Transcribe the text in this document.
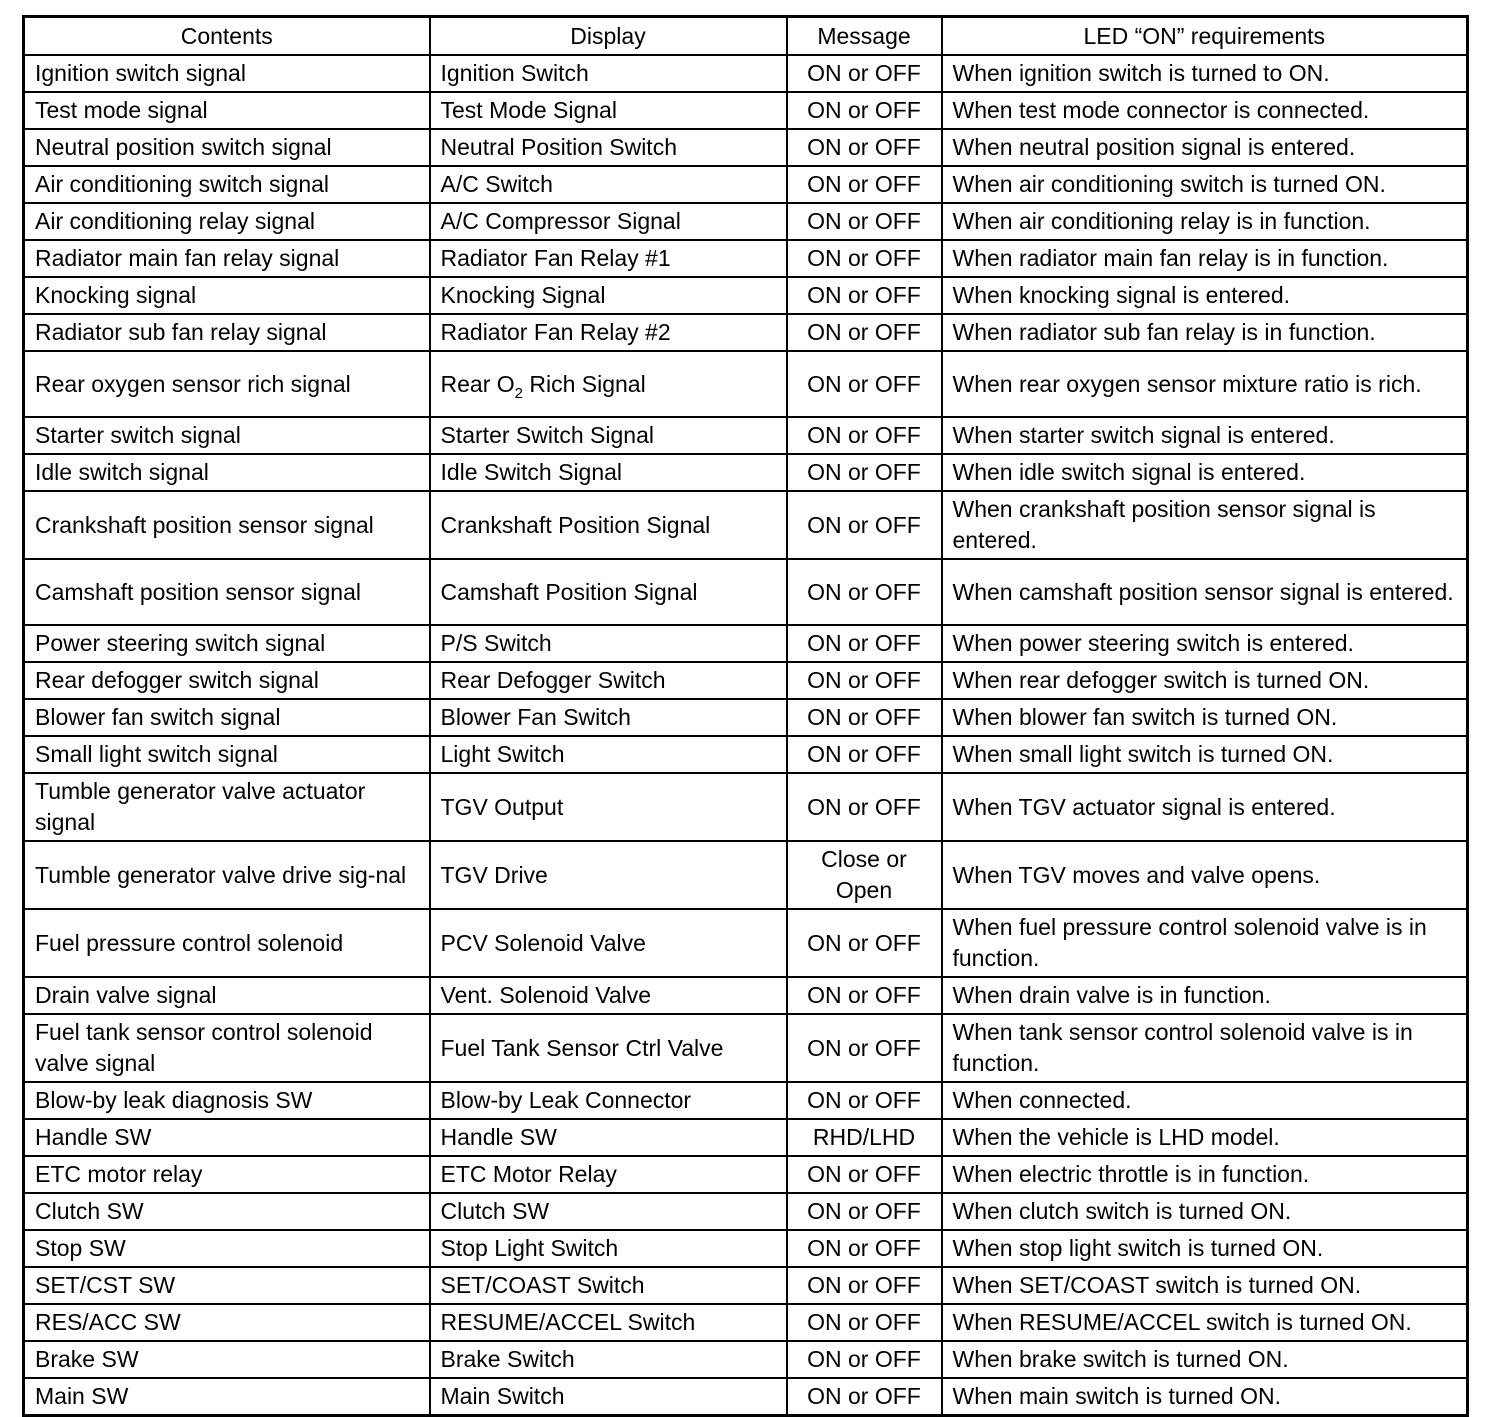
Contents	Display	Message	LED “ON” requirements
Ignition switch signal	Ignition Switch	ON or OFF	When ignition switch is turned to ON.
Test mode signal	Test Mode Signal	ON or OFF	When test mode connector is connected.
Neutral position switch signal	Neutral Position Switch	ON or OFF	When neutral position signal is entered.
Air conditioning switch signal	A/C Switch	ON or OFF	When air conditioning switch is turned ON.
Air conditioning relay signal	A/C Compressor Signal	ON or OFF	When air conditioning relay is in function.
Radiator main fan relay signal	Radiator Fan Relay #1	ON or OFF	When radiator main fan relay is in function.
Knocking signal	Knocking Signal	ON or OFF	When knocking signal is entered.
Radiator sub fan relay signal	Radiator Fan Relay #2	ON or OFF	When radiator sub fan relay is in function.
Rear oxygen sensor rich signal	Rear $O_2$ Rich Signal	ON or OFF	When rear oxygen sensor mixture ratio is rich.
Starter switch signal	Starter Switch Signal	ON or OFF	When starter switch signal is entered.
Idle switch signal	Idle Switch Signal	ON or OFF	When idle switch signal is entered.
Crankshaft position sensor signal	Crankshaft Position Signal	ON or OFF	When crankshaft position sensor signal is entered.
Camshaft position sensor signal	Camshaft Position Signal	ON or OFF	When camshaft position sensor signal is entered.
Power steering switch signal	P/S Switch	ON or OFF	When power steering switch is entered.
Rear defogger switch signal	Rear Defogger Switch	ON or OFF	When rear defogger switch is turned ON.
Blower fan switch signal	Blower Fan Switch	ON or OFF	When blower fan switch is turned ON.
Small light switch signal	Light Switch	ON or OFF	When small light switch is turned ON.
Tumble generator valve actuator signal	TGV Output	ON or OFF	When TGV actuator signal is entered.
Tumble generator valve drive sig-nal	TGV Drive	Close or Open	When TGV moves and valve opens.
Fuel pressure control solenoid	PCV Solenoid Valve	ON or OFF	When fuel pressure control solenoid valve is in function.
Drain valve signal	Vent. Solenoid Valve	ON or OFF	When drain valve is in function.
Fuel tank sensor control solenoid valve signal	Fuel Tank Sensor Ctrl Valve	ON or OFF	When tank sensor control solenoid valve is in function.
Blow-by leak diagnosis SW	Blow-by Leak Connector	ON or OFF	When connected.
Handle SW	Handle SW	RHD/LHD	When the vehicle is LHD model.
ETC motor relay	ETC Motor Relay	ON or OFF	When electric throttle is in function.
Clutch SW	Clutch SW	ON or OFF	When clutch switch is turned ON.
Stop SW	Stop Light Switch	ON or OFF	When stop light switch is turned ON.
SET/CST SW	SET/COAST Switch	ON or OFF	When SET/COAST switch is turned ON.
RES/ACC SW	RESUME/ACCEL Switch	ON or OFF	When RESUME/ACCEL switch is turned ON.
Brake SW	Brake Switch	ON or OFF	When brake switch is turned ON.
Main SW	Main Switch	ON or OFF	When main switch is turned ON.
